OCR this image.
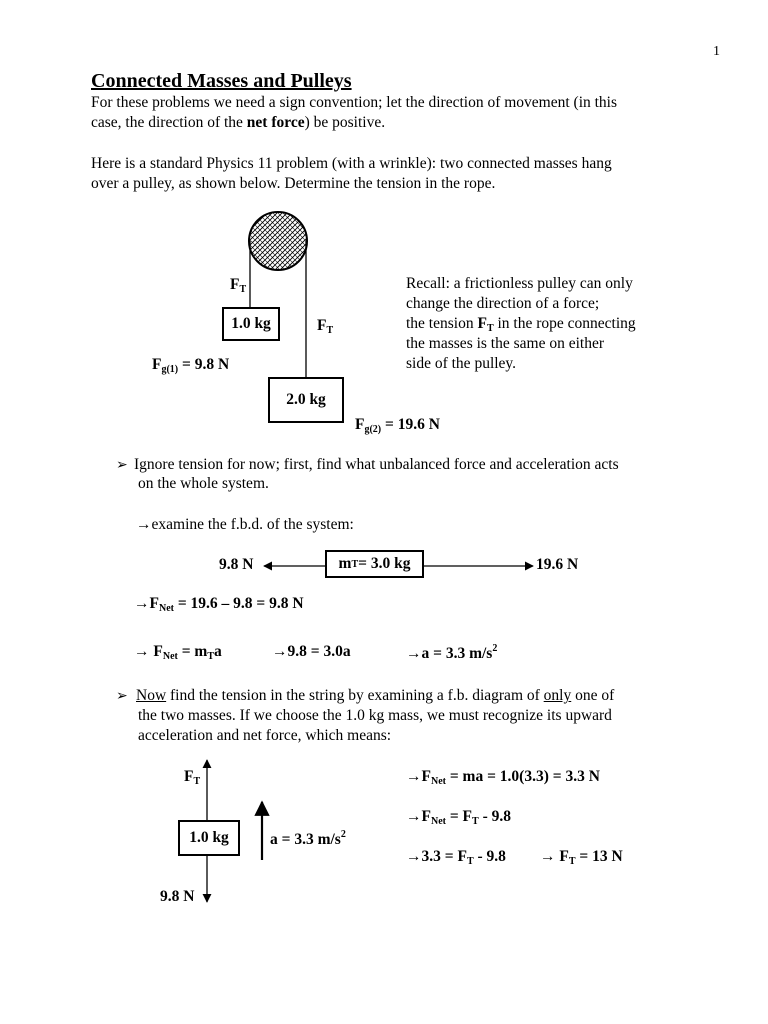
1
Connected Masses and Pulleys
For these problems we need a sign convention; let the direction of movement (in this
case, the direction of the net force) be positive.
Here is a standard Physics 11 problem (with a wrinkle): two connected masses hang
over a pulley, as shown below. Determine the tension in the rope.
$F_T$
1.0 kg	$F_T$
$F_{g(1)} = 9.8$ N
2.0 kg
$F_{g(2)} = 19.6$ N
Recall: a frictionless pulley can only
change the direction of a force;
the tension $F_T$ in the rope connecting
the masses is the same on either
side of the pulley.
➢ Ignore tension for now; first, find what unbalanced force and acceleration acts
on the whole system.
→examine the f.b.d. of the system:
9.8 N	m T = 3.0 kg	19.6 N
$\to F_{Net} = 19.6 - 9.8 = 9.8$ N
→ $F_{Net} = m_Ta$	→9.8 = 3.0a	→a = 3.3 $m/s^2$
➢ Now find the tension in the string by examining a f.b. diagram of only one of
the two masses. If we choose the 1.0 kg mass, we must recognize its upward
acceleration and net force, which means:
$F_T$
1.0 kg	a = 3.3 $m/s^2$
9.8 N
$\to F_{Net}$ = ma = 1.0(3.3) = 3.3 N
$\to F_{Net} = F_T - 9.8$
$\to 3.3 = F_T - 9.8 \to F_T = 13$ N
